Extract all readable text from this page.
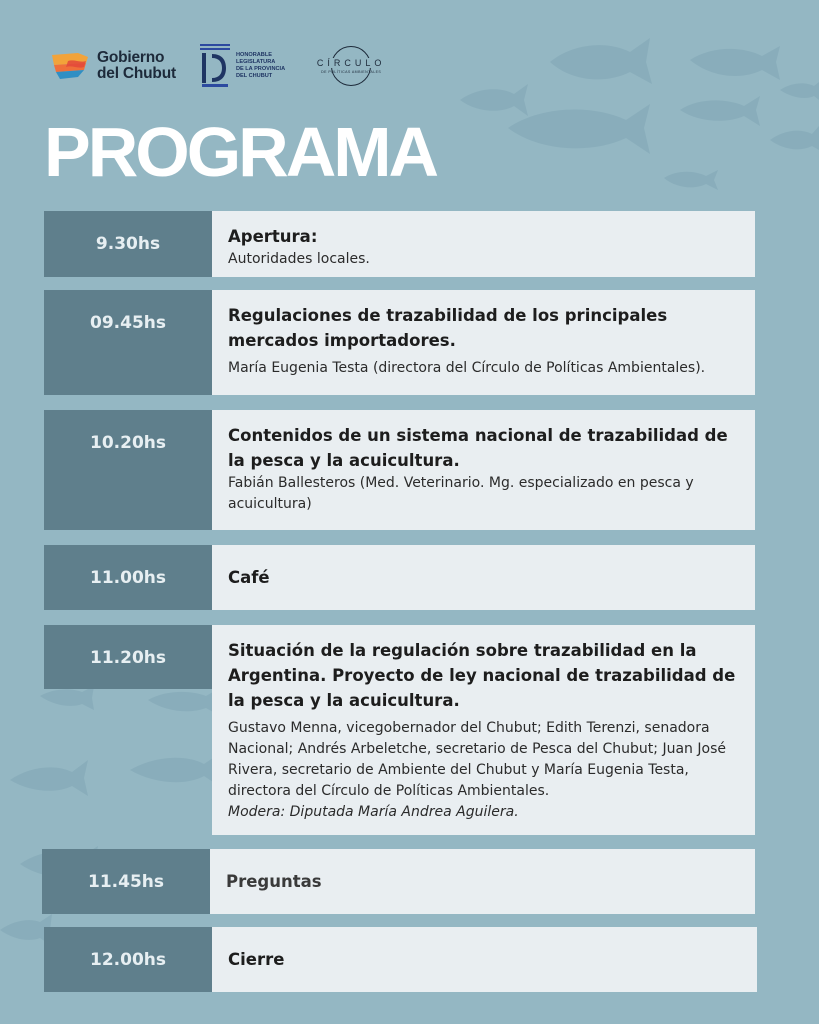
Gobierno
del Chubut
HONORABLE
LEGISLATURA
DE LA PROVINCIA
DEL CHUBUT
CÍRCULO
DE POLÍTICAS AMBIENTALES
PROGRAMA
9.30hs	Apertura:
Autoridades locales.
09.45hs	Regulaciones de trazabilidad de los principales mercados importadores.
María Eugenia Testa (directora del Círculo de Políticas Ambientales).
10.20hs	Contenidos de un sistema nacional de trazabilidad de la pesca y la acuicultura.
Fabián Ballesteros (Med. Veterinario. Mg. especializado en pesca y acuicultura)
11.00hs	Café
11.20hs	Situación de la regulación sobre trazabilidad en la Argentina. Proyecto de ley nacional de trazabilidad de la pesca y la acuicultura.
Gustavo Menna, vicegobernador del Chubut; Edith Terenzi, senadora Nacional; Andrés Arbeletche, secretario de Pesca del Chubut; Juan José Rivera, secretario de Ambiente del Chubut y María Eugenia Testa, directora del Círculo de Políticas Ambientales.
Modera: Diputada María Andrea Aguilera.
11.45hs	Preguntas
12.00hs	Cierre
